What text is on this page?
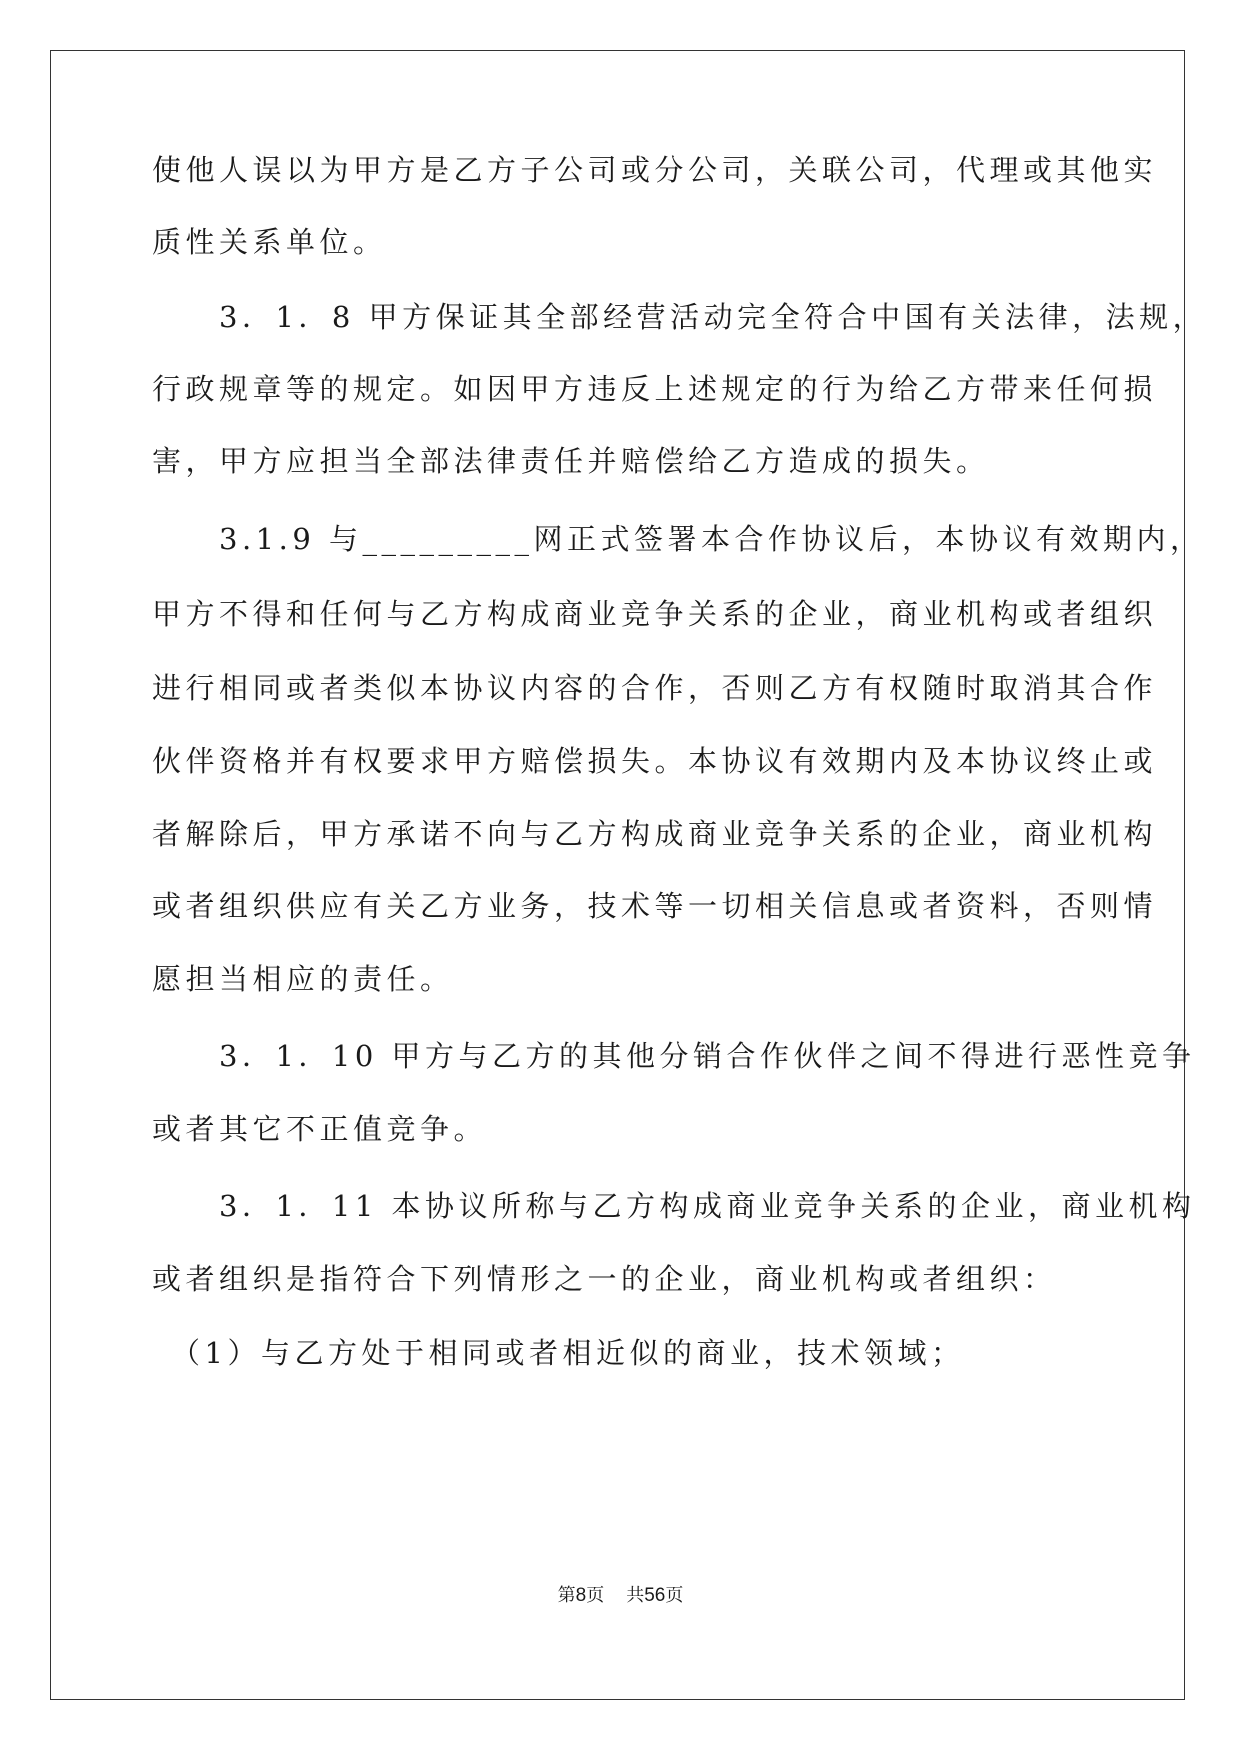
使他人误以为甲方是乙方子公司或分公司，关联公司，代理或其他实

质性关系单位。

　　3．1．8 甲方保证其全部经营活动完全符合中国有关法律，法规，

行政规章等的规定。如因甲方违反上述规定的行为给乙方带来任何损

害，甲方应担当全部法律责任并赔偿给乙方造成的损失。

　　3.1.9 与_________网正式签署本合作协议后，本协议有效期内，

甲方不得和任何与乙方构成商业竞争关系的企业，商业机构或者组织

进行相同或者类似本协议内容的合作，否则乙方有权随时取消其合作

伙伴资格并有权要求甲方赔偿损失。本协议有效期内及本协议终止或

者解除后，甲方承诺不向与乙方构成商业竞争关系的企业，商业机构

或者组织供应有关乙方业务，技术等一切相关信息或者资料，否则情

愿担当相应的责任。

　　3．1．10 甲方与乙方的其他分销合作伙伴之间不得进行恶性竞争

或者其它不正值竞争。

　　3．1．11 本协议所称与乙方构成商业竞争关系的企业，商业机构

或者组织是指符合下列情形之一的企业，商业机构或者组织：

　（1）与乙方处于相同或者相近似的商业，技术领域；

第8页 共56页
